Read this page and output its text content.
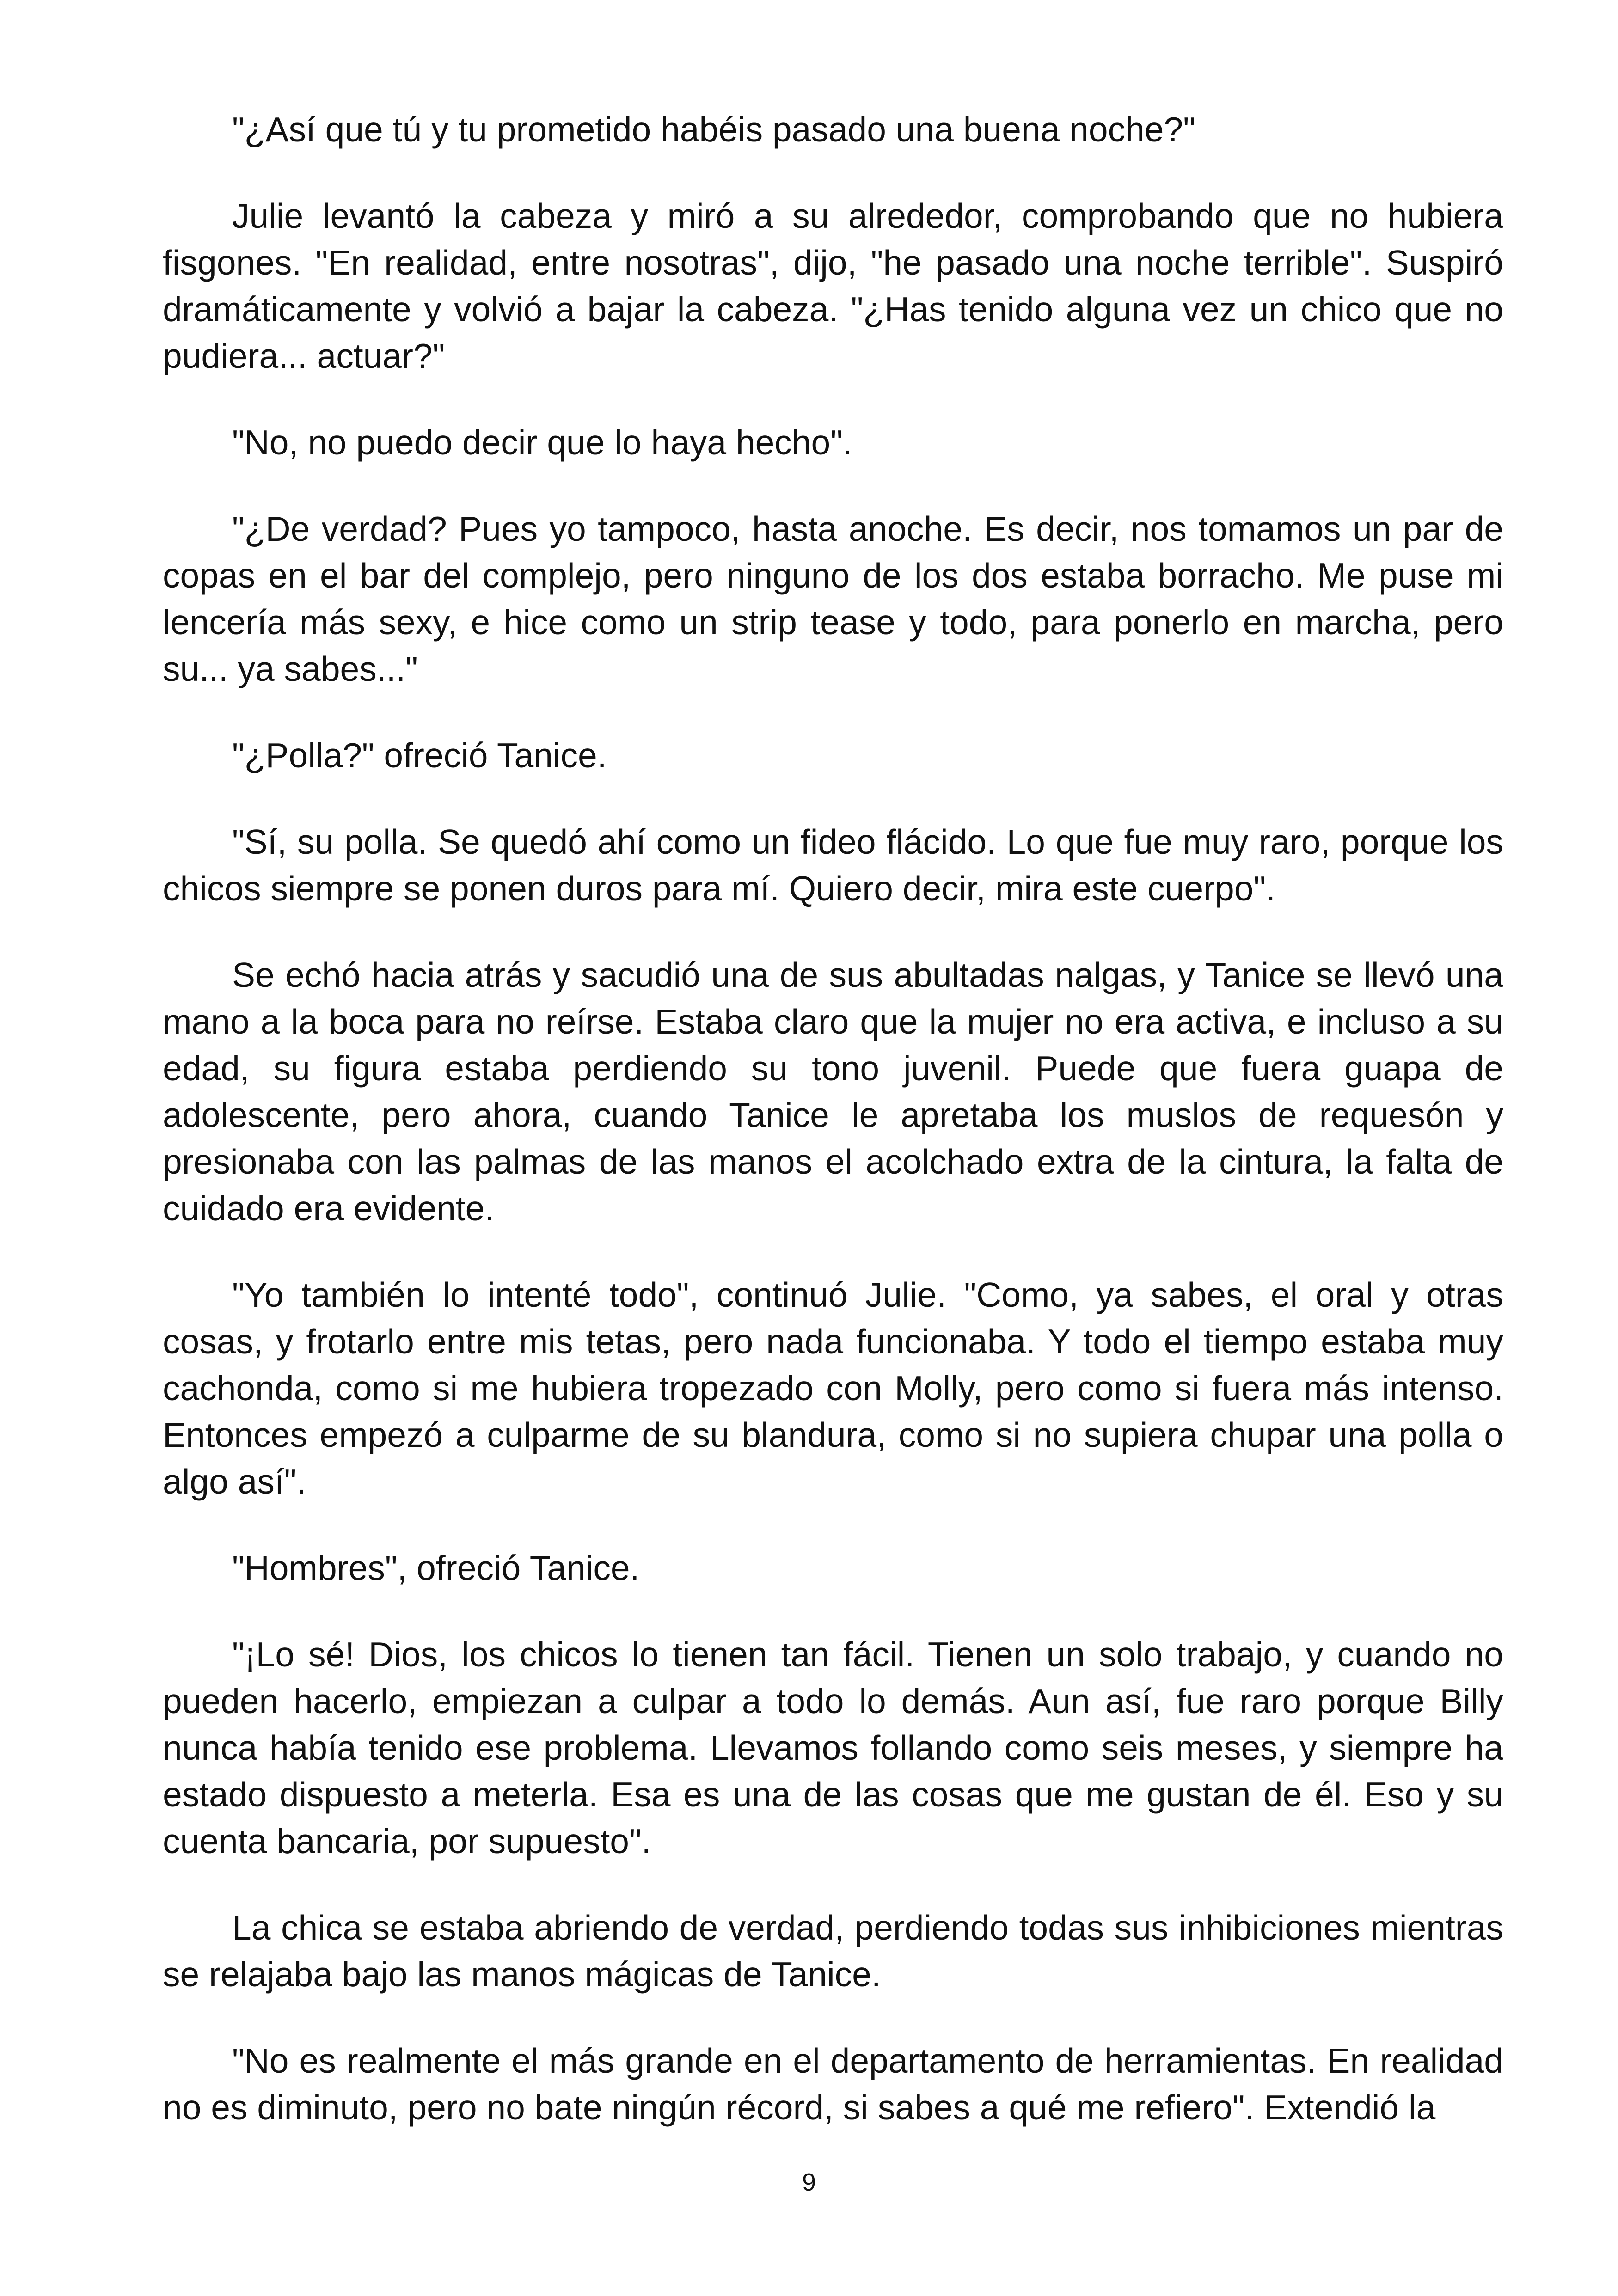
"¿Así que tú y tu prometido habéis pasado una buena noche?"

Julie levantó la cabeza y miró a su alrededor, comprobando que no hubiera fisgones. "En realidad, entre nosotras", dijo, "he pasado una noche terrible". Suspiró dramáticamente y volvió a bajar la cabeza. "¿Has tenido alguna vez un chico que no pudiera... actuar?"

"No, no puedo decir que lo haya hecho".

"¿De verdad? Pues yo tampoco, hasta anoche. Es decir, nos tomamos un par de copas en el bar del complejo, pero ninguno de los dos estaba borracho. Me puse mi lencería más sexy, e hice como un strip tease y todo, para ponerlo en marcha, pero su... ya sabes..."

"¿Polla?" ofreció Tanice.

"Sí, su polla. Se quedó ahí como un fideo flácido. Lo que fue muy raro, porque los chicos siempre se ponen duros para mí. Quiero decir, mira este cuerpo".

Se echó hacia atrás y sacudió una de sus abultadas nalgas, y Tanice se llevó una mano a la boca para no reírse. Estaba claro que la mujer no era activa, e incluso a su edad, su figura estaba perdiendo su tono juvenil. Puede que fuera guapa de adolescente, pero ahora, cuando Tanice le apretaba los muslos de requesón y presionaba con las palmas de las manos el acolchado extra de la cintura, la falta de cuidado era evidente.

"Yo también lo intenté todo", continuó Julie. "Como, ya sabes, el oral y otras cosas, y frotarlo entre mis tetas, pero nada funcionaba. Y todo el tiempo estaba muy cachonda, como si me hubiera tropezado con Molly, pero como si fuera más intenso. Entonces empezó a culparme de su blandura, como si no supiera chupar una polla o algo así".

"Hombres", ofreció Tanice.

"¡Lo sé! Dios, los chicos lo tienen tan fácil. Tienen un solo trabajo, y cuando no pueden hacerlo, empiezan a culpar a todo lo demás. Aun así, fue raro porque Billy nunca había tenido ese problema. Llevamos follando como seis meses, y siempre ha estado dispuesto a meterla. Esa es una de las cosas que me gustan de él. Eso y su cuenta bancaria, por supuesto".

La chica se estaba abriendo de verdad, perdiendo todas sus inhibiciones mientras se relajaba bajo las manos mágicas de Tanice.

"No es realmente el más grande en el departamento de herramientas. En realidad no es diminuto, pero no bate ningún récord, si sabes a qué me refiero". Extendió la

9
